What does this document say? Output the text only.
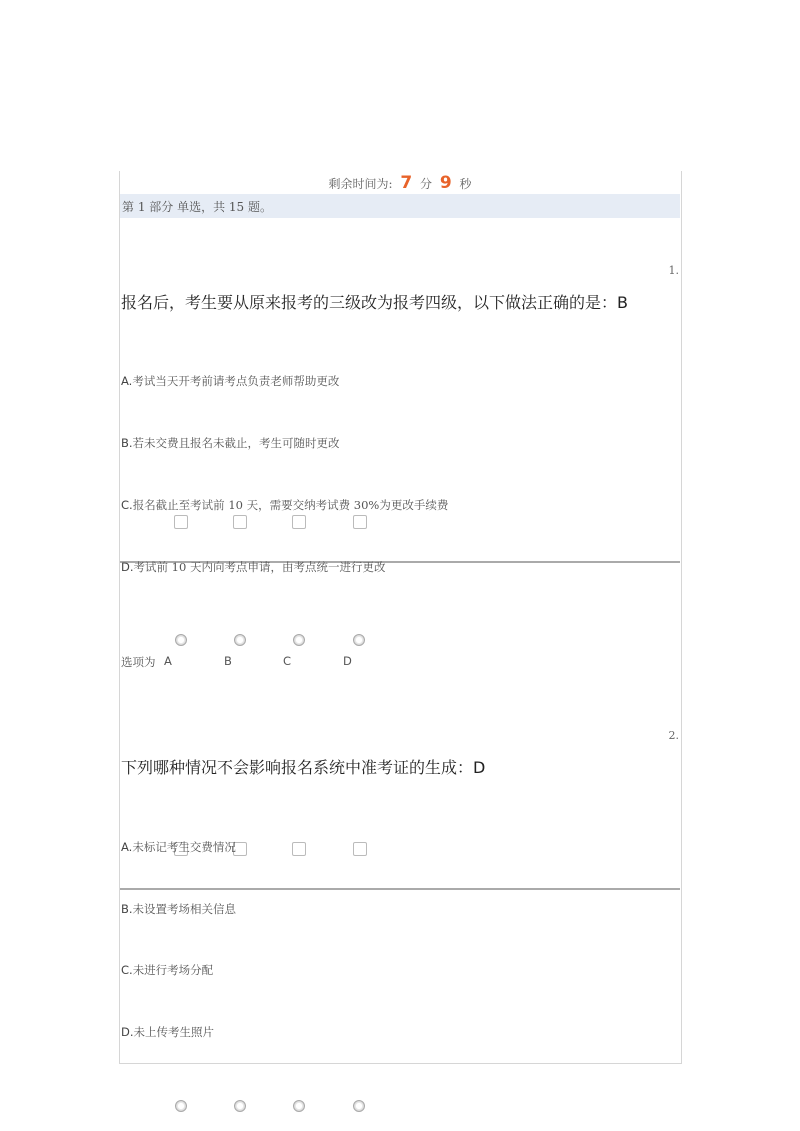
剩余时间为: 7 分 9 秒
第 1 部分 单选，共 15 题。
1.
报名后，考生要从原来报考的三级改为报考四级，以下做法正确的是：B
A.考试当天开考前请考点负责老师帮助更改
B.若未交费且报名未截止，考生可随时更改
C.报名截止至考试前 10 天，需要交纳考试费 30%为更改手续费
D.考试前 10 天内向考点申请，由考点统一进行更改
选项为 A	B	C	D
2.
下列哪种情况不会影响报名系统中准考证的生成：D
A.未标记考生交费情况
B.未设置考场相关信息
C.未进行考场分配
D.未上传考生照片
